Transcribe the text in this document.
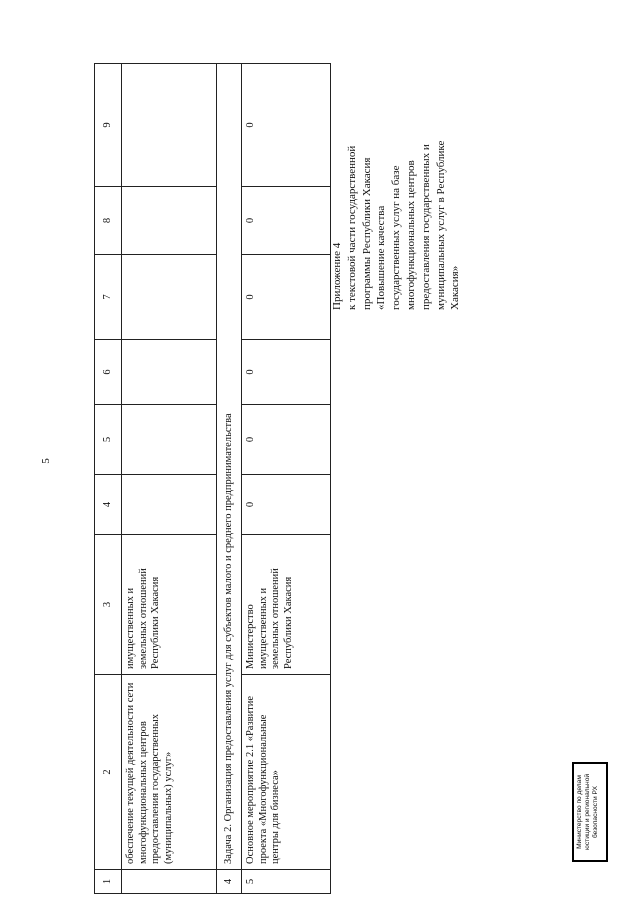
5
1	2	3	4	5	6	7	8	9
	обеспечение текущей деятельности сети многофункциональных центров предоставления государственных (муниципальных) услуг»	имущественных и земельных отношений Республики Хакасия						
4	Задача 2. Организация предоставления услуг для субъектов малого и среднего предпринимательства							
5	Основное мероприятие 2.1 «Развитие проекта «Многофункциональные центры для бизнеса»	Министерство имущественных и земельных отношений Республики Хакасия	0	0	0	0	0	0
Приложение 4 к текстовой части государственной программы Республики Хакасия «Повышение качества государственных услуг на базе многофункциональных центров предоставления государственных и муниципальных услуг в Республике Хакасия»
Министерство по делам юстиции и региональной безопасности РХ
